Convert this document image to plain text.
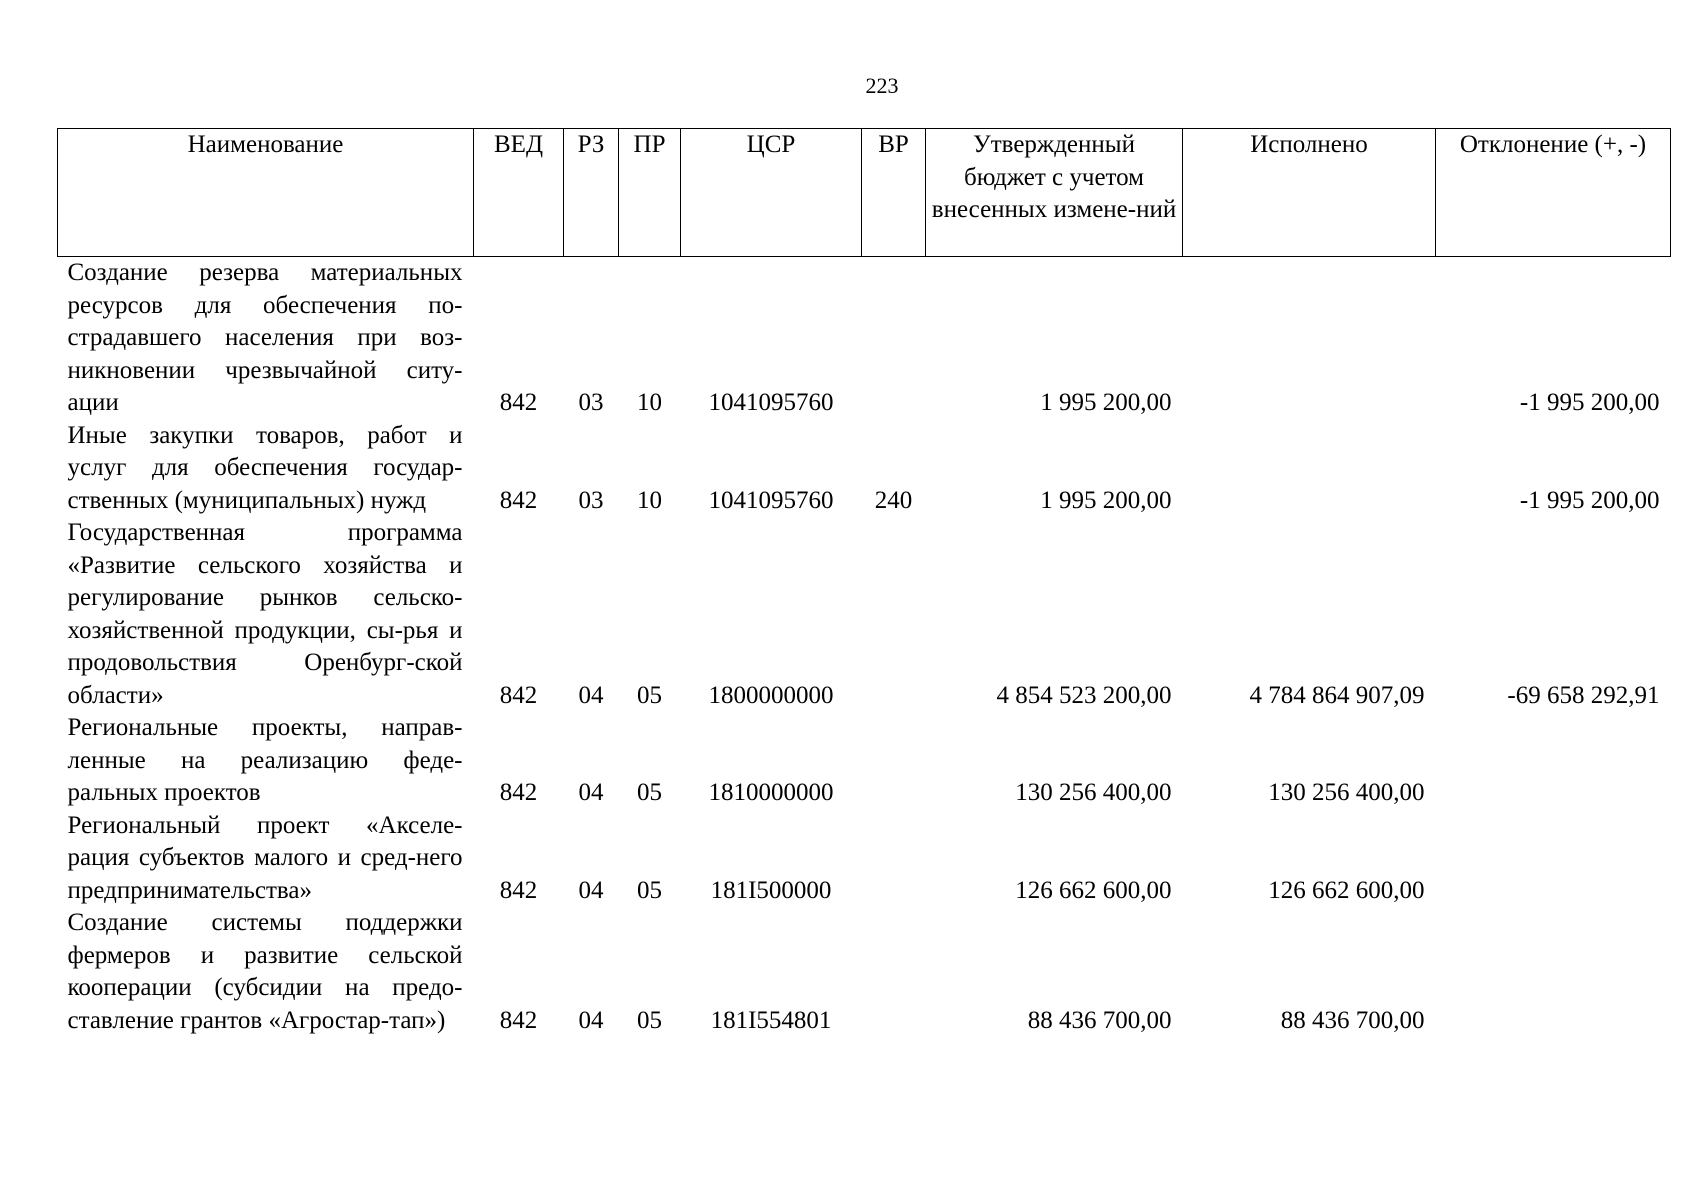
223
Наименование	ВЕД	РЗ	ПР	ЦСР	ВР	Утвержденный бюджет с учетом внесенных измене-ний	Исполнено	Отклонение (+, -)
Создание резерва материальных ресурсов для обеспечения по-страдавшего населения при воз-никновении чрезвычайной ситу-ации	842	03	10	1041095760		1 995 200,00		-1 995 200,00
Иные закупки товаров, работ и услуг для обеспечения государ-ственных (муниципальных) нужд	842	03	10	1041095760	240	1 995 200,00		-1 995 200,00
Государственная программа «Развитие сельского хозяйства и регулирование рынков сельско-хозяйственной продукции, сы-рья и продовольствия Оренбург-ской области»	842	04	05	1800000000		4 854 523 200,00	4 784 864 907,09	-69 658 292,91
Региональные проекты, направ-ленные на реализацию феде-ральных проектов	842	04	05	1810000000		130 256 400,00	130 256 400,00	
Региональный проект «Акселе-рация субъектов малого и сред-него предпринимательства»	842	04	05	181I500000		126 662 600,00	126 662 600,00	
Создание системы поддержки фермеров и развитие сельской кооперации (субсидии на предо-ставление грантов «Агростар-тап»)	842	04	05	181I554801		88 436 700,00	88 436 700,00	
